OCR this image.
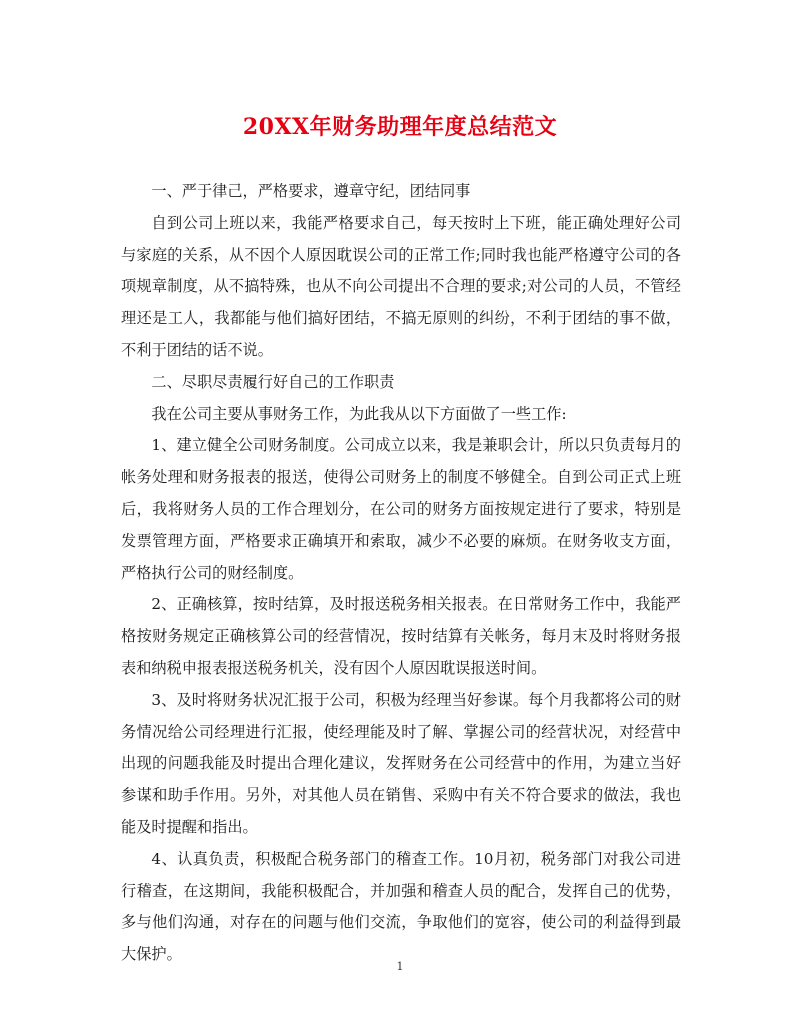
20XX年财务助理年度总结范文

一、严于律己，严格要求，遵章守纪，团结同事

自到公司上班以来，我能严格要求自己，每天按时上下班，能正确处理好公司与家庭的关系，从不因个人原因耽误公司的正常工作;同时我也能严格遵守公司的各项规章制度，从不搞特殊，也从不向公司提出不合理的要求;对公司的人员，不管经理还是工人，我都能与他们搞好团结，不搞无原则的纠纷，不利于团结的事不做，不利于团结的话不说。

二、尽职尽责履行好自己的工作职责

我在公司主要从事财务工作，为此我从以下方面做了一些工作:

1、建立健全公司财务制度。公司成立以来，我是兼职会计，所以只负责每月的帐务处理和财务报表的报送，使得公司财务上的制度不够健全。自到公司正式上班后，我将财务人员的工作合理划分，在公司的财务方面按规定进行了要求，特别是发票管理方面，严格要求正确填开和索取，减少不必要的麻烦。在财务收支方面，严格执行公司的财经制度。

2、正确核算，按时结算，及时报送税务相关报表。在日常财务工作中，我能严格按财务规定正确核算公司的经营情况，按时结算有关帐务，每月末及时将财务报表和纳税申报表报送税务机关，没有因个人原因耽误报送时间。

3、及时将财务状况汇报于公司，积极为经理当好参谋。每个月我都将公司的财务情况给公司经理进行汇报，使经理能及时了解、掌握公司的经营状况，对经营中出现的问题我能及时提出合理化建议，发挥财务在公司经营中的作用，为建立当好参谋和助手作用。另外，对其他人员在销售、采购中有关不符合要求的做法，我也能及时提醒和指出。

4、认真负责，积极配合税务部门的稽查工作。10月初，税务部门对我公司进行稽查，在这期间，我能积极配合，并加强和稽查人员的配合，发挥自己的优势，多与他们沟通，对存在的问题与他们交流，争取他们的宽容，使公司的利益得到最大保护。

1
